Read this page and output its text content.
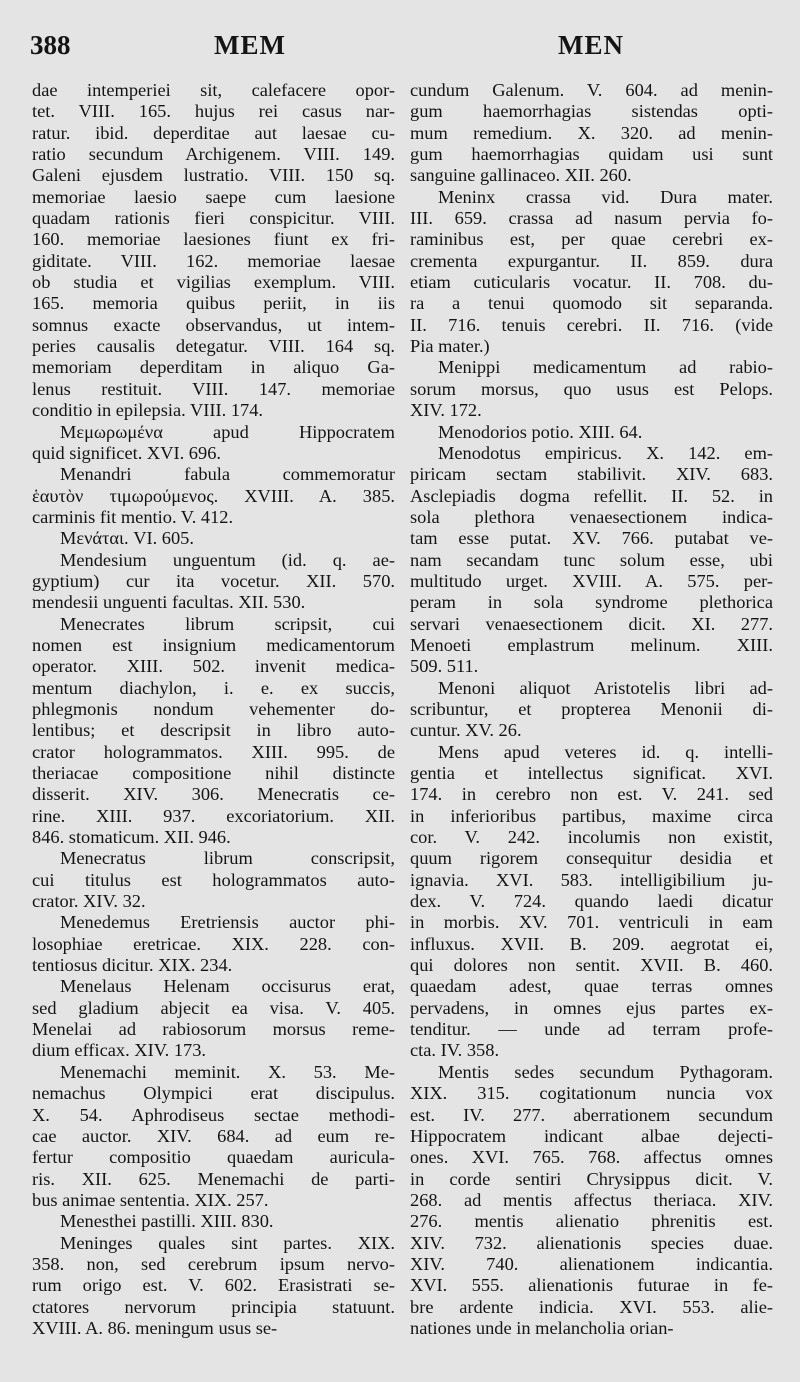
388	MEM	MEN
dae intemperiei sit, calefacere opor-
tet. VIII. 165. hujus rei casus nar-
ratur. ibid. deperditae aut laesae cu-
ratio secundum Archigenem. VIII. 149.
Galeni ejusdem lustratio. VIII. 150 sq.
memoriae laesio saepe cum laesione
quadam rationis fieri conspicitur. VIII.
160. memoriae laesiones fiunt ex fri-
giditate. VIII. 162. memoriae laesae
ob studia et vigilias exemplum. VIII.
165. memoria quibus periit, in iis
somnus exacte observandus, ut intem-
peries causalis detegatur. VIII. 164 sq.
memoriam deperditam in aliquo Ga-
lenus restituit. VIII. 147. memoriae
conditio in epilepsia. VIII. 174.
Μεμωρωμένα apud Hippocratem
quid significet. XVI. 696.
Menandri fabula commemoratur
ἑαυτὸν τιμωρούμενος. XVIII. A. 385.
carminis fit mentio. V. 412.
Μενάται. VI. 605.
Mendesium unguentum (id. q. ae-
gyptium) cur ita vocetur. XII. 570.
mendesii unguenti facultas. XII. 530.
Menecrates librum scripsit, cui
nomen est insignium medicamentorum
operator. XIII. 502. invenit medica-
mentum diachylon, i. e. ex succis,
phlegmonis nondum vehementer do-
lentibus; et descripsit in libro auto-
crator hologrammatos. XIII. 995. de
theriacae compositione nihil distincte
disserit. XIV. 306. Menecratis ce-
rine. XIII. 937. excoriatorium. XII.
846. stomaticum. XII. 946.
Menecratus librum conscripsit,
cui titulus est hologrammatos auto-
crator. XIV. 32.
Menedemus Eretriensis auctor phi-
losophiae eretricae. XIX. 228. con-
tentiosus dicitur. XIX. 234.
Menelaus Helenam occisurus erat,
sed gladium abjecit ea visa. V. 405.
Menelai ad rabiosorum morsus reme-
dium efficax. XIV. 173.
Menemachi meminit. X. 53. Me-
nemachus Olympici erat discipulus.
X. 54. Aphrodiseus sectae methodi-
cae auctor. XIV. 684. ad eum re-
fertur compositio quaedam auricula-
ris. XII. 625. Menemachi de parti-
bus animae sententia. XIX. 257.
Menesthei pastilli. XIII. 830.
Meninges quales sint partes. XIX.
358. non, sed cerebrum ipsum nervo-
rum origo est. V. 602. Erasistrati se-
ctatores nervorum principia statuunt.
XVIII. A. 86. meningum usus se-
cundum Galenum. V. 604. ad menin-
gum haemorrhagias sistendas opti-
mum remedium. X. 320. ad menin-
gum haemorrhagias quidam usi sunt
sanguine gallinaceo. XII. 260.
Meninx crassa vid. Dura mater.
III. 659. crassa ad nasum pervia fo-
raminibus est, per quae cerebri ex-
crementa expurgantur. II. 859. dura
etiam cuticularis vocatur. II. 708. du-
ra a tenui quomodo sit separanda.
II. 716. tenuis cerebri. II. 716. (vide
Pia mater.)
Menippi medicamentum ad rabio-
sorum morsus, quo usus est Pelops.
XIV. 172.
Menodorios potio. XIII. 64.
Menodotus empiricus. X. 142. em-
piricam sectam stabilivit. XIV. 683.
Asclepiadis dogma refellit. II. 52. in
sola plethora venaesectionem indica-
tam esse putat. XV. 766. putabat ve-
nam secandam tunc solum esse, ubi
multitudo urget. XVIII. A. 575. per-
peram in sola syndrome plethorica
servari venaesectionem dicit. XI. 277.
Menoeti emplastrum melinum. XIII.
509. 511.
Menoni aliquot Aristotelis libri ad-
scribuntur, et propterea Menonii di-
cuntur. XV. 26.
Mens apud veteres id. q. intelli-
gentia et intellectus significat. XVI.
174. in cerebro non est. V. 241. sed
in inferioribus partibus, maxime circa
cor. V. 242. incolumis non existit,
quum rigorem consequitur desidia et
ignavia. XVI. 583. intelligibilium ju-
dex. V. 724. quando laedi dicatur
in morbis. XV. 701. ventriculi in eam
influxus. XVII. B. 209. aegrotat ei,
qui dolores non sentit. XVII. B. 460.
quaedam adest, quae terras omnes
pervadens, in omnes ejus partes ex-
tenditur. — unde ad terram profe-
cta. IV. 358.
Mentis sedes secundum Pythagoram.
XIX. 315. cogitationum nuncia vox
est. IV. 277. aberrationem secundum
Hippocratem indicant albae dejecti-
ones. XVI. 765. 768. affectus omnes
in corde sentiri Chrysippus dicit. V.
268. ad mentis affectus theriaca. XIV.
276. mentis alienatio phrenitis est.
XIV. 732. alienationis species duae.
XIV. 740. alienationem indicantia.
XVI. 555. alienationis futurae in fe-
bre ardente indicia. XVI. 553. alie-
nationes unde in melancholia orian-
